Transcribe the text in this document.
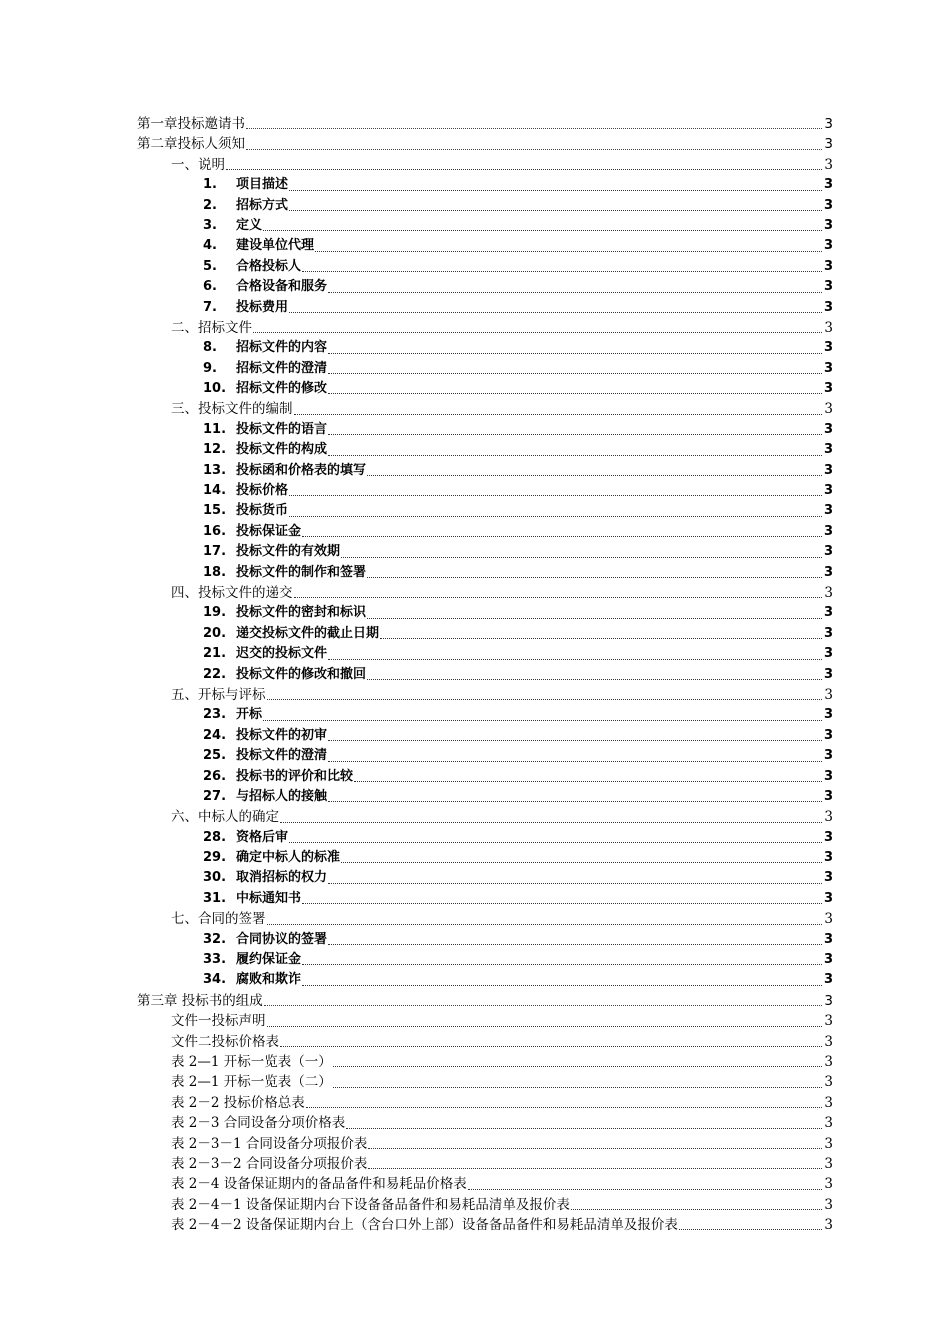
第一章投标邀请书	3
第二章投标人须知	3
一、说明	3
1. 项目描述	3
2. 招标方式	3
3. 定义	3
4. 建设单位代理	3
5. 合格投标人	3
6. 合格设备和服务	3
7. 投标费用	3
二、招标文件	3
8. 招标文件的内容	3
9. 招标文件的澄清	3
10. 招标文件的修改	3
三、投标文件的编制	3
11. 投标文件的语言	3
12. 投标文件的构成	3
13. 投标函和价格表的填写	3
14. 投标价格	3
15. 投标货币	3
16. 投标保证金	3
17. 投标文件的有效期	3
18. 投标文件的制作和签署	3
四、投标文件的递交	3
19. 投标文件的密封和标识	3
20. 递交投标文件的截止日期	3
21. 迟交的投标文件	3
22. 投标文件的修改和撤回	3
五、开标与评标	3
23. 开标	3
24. 投标文件的初审	3
25. 投标文件的澄清	3
26. 投标书的评价和比较	3
27. 与招标人的接触	3
六、中标人的确定	3
28. 资格后审	3
29. 确定中标人的标准	3
30. 取消招标的权力	3
31. 中标通知书	3
七、合同的签署	3
32. 合同协议的签署	3
33. 履约保证金	3
34. 腐败和欺诈	3
第三章 投标书的组成	3
文件一投标声明	3
文件二投标价格表	3
表 2—1 开标一览表（一）	3
表 2—1 开标一览表（二）	3
表 2－2 投标价格总表	3
表 2－3 合同设备分项价格表	3
表 2－3－1 合同设备分项报价表	3
表 2－3－2 合同设备分项报价表	3
表 2－4 设备保证期内的备品备件和易耗品价格表	3
表 2－4－1 设备保证期内台下设备备品备件和易耗品清单及报价表	3
表 2－4－2 设备保证期内台上（含台口外上部）设备备品备件和易耗品清单及报价表	3
